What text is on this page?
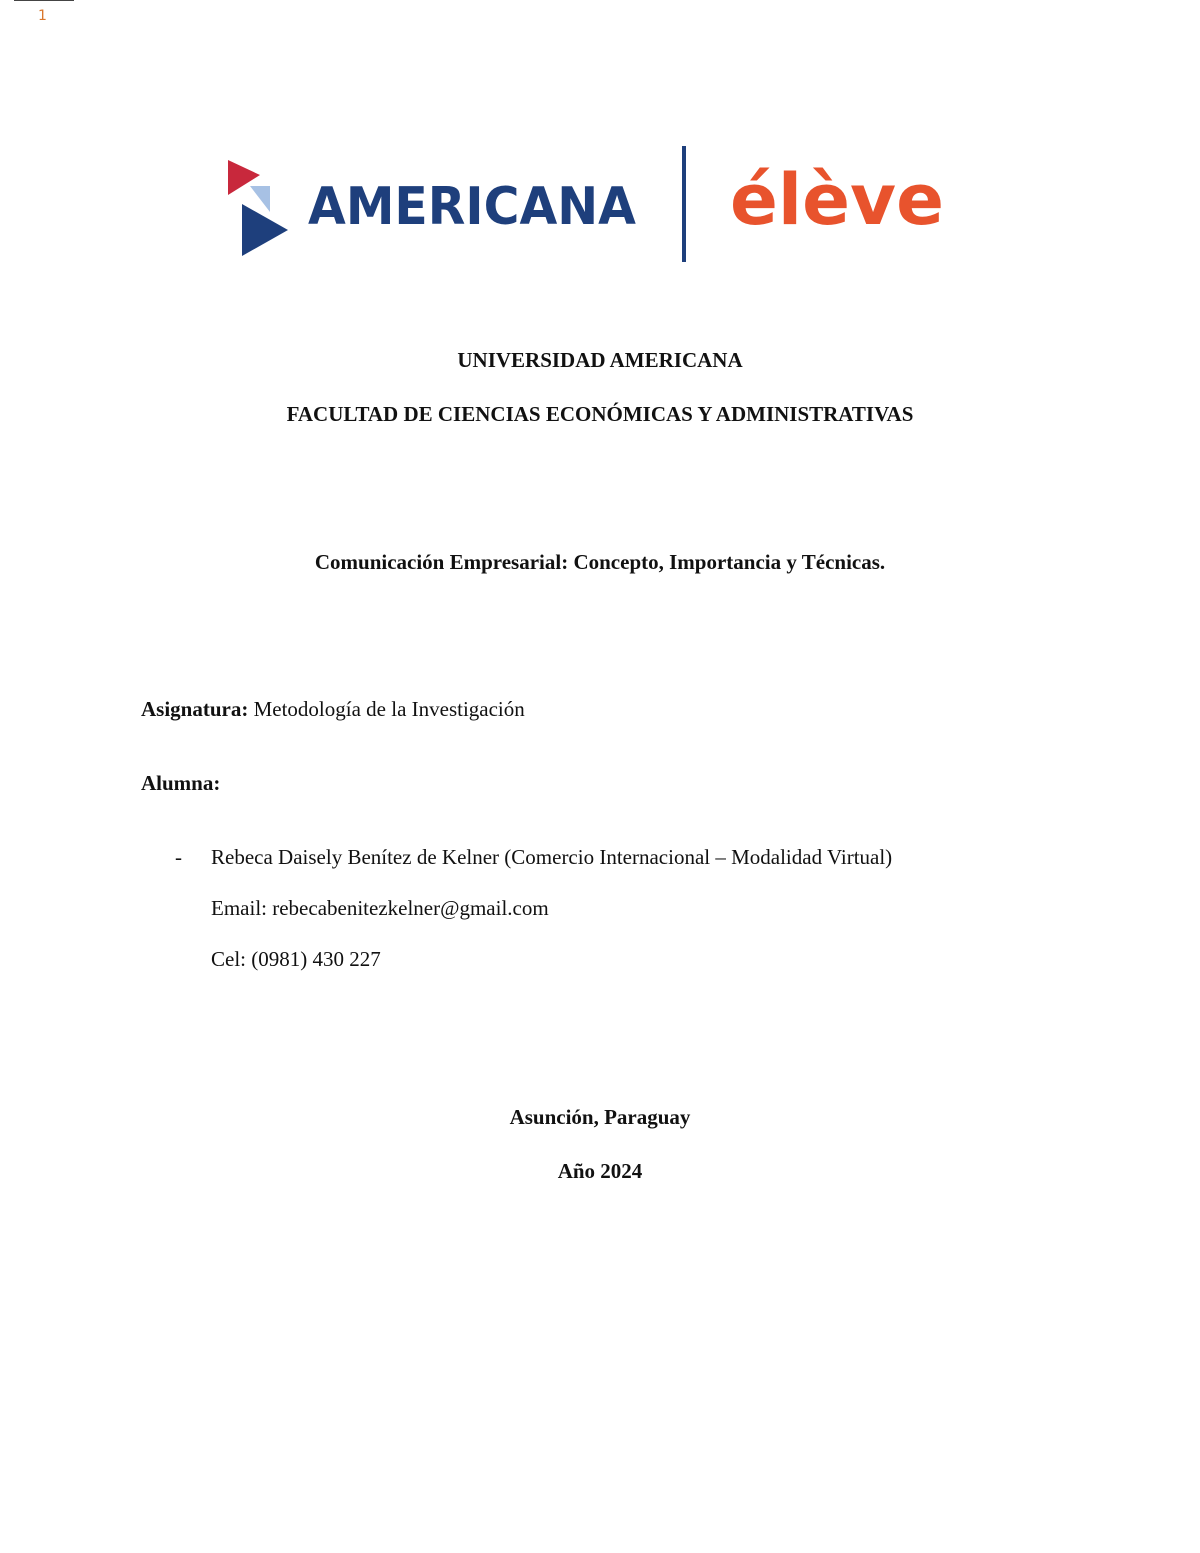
1
AMERICANA élève
UNIVERSIDAD AMERICANA
FACULTAD DE CIENCIAS ECONÓMICAS Y ADMINISTRATIVAS
Comunicación Empresarial: Concepto, Importancia y Técnicas.
Asignatura: Metodología de la Investigación
Alumna:
- Rebeca Daisely Benítez de Kelner (Comercio Internacional – Modalidad Virtual)
Email: rebecabenitezkelner@gmail.com
Cel: (0981) 430 227
Asunción, Paraguay
Año 2024
